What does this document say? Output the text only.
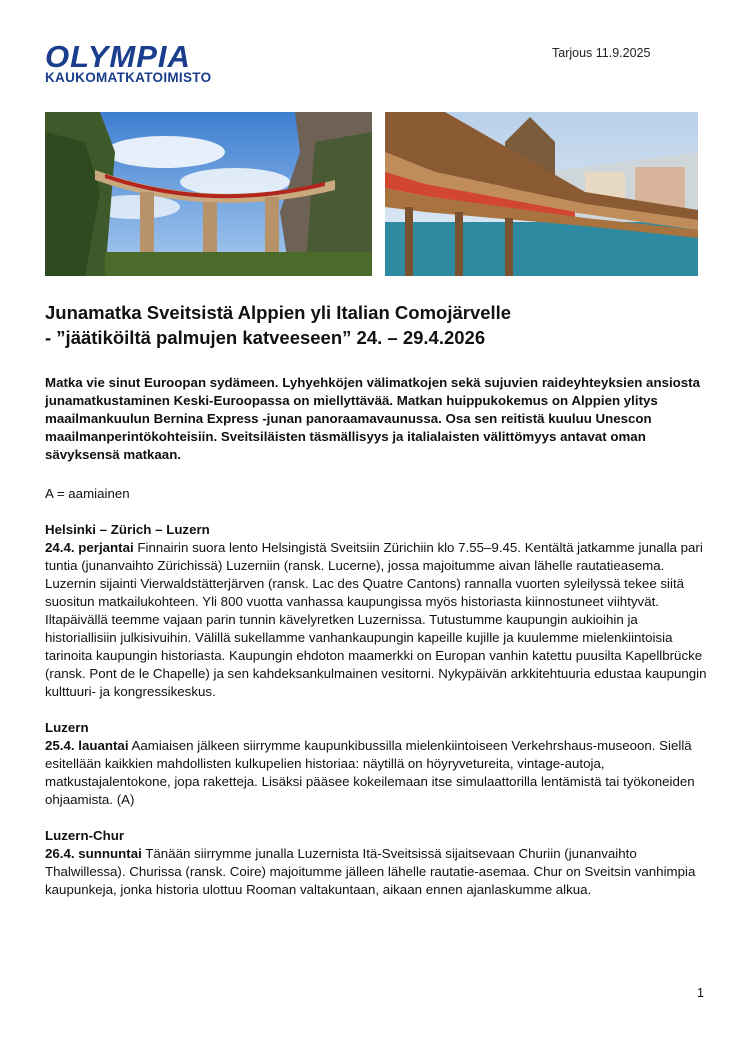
OLYMPIA
KAUKOMATKATOIMISTO
Tarjous 11.9.2025
Junamatka Sveitsistä Alppien yli Italian Comojärvelle
- ”jäätiköiltä palmujen katveeseen” 24. – 29.4.2026

Matka vie sinut Euroopan sydämeen. Lyhyehköjen välimatkojen sekä sujuvien raideyhteyksien ansiosta junamatkustaminen Keski-Euroopassa on miellyttävää. Matkan huippukokemus on Alppien ylitys maailmankuulun Bernina Express -junan panoraamavaunussa. Osa sen reitistä kuuluu Unescon maailmanperintökohteisiin. Sveitsiläisten täsmällisyys ja italialaisten välittömyys antavat oman sävyksensä matkaan.

A = aamiainen

Helsinki – Zürich – Luzern

24.4. perjantai Finnairin suora lento Helsingistä Sveitsiin Zürichiin klo 7.55–9.45. Kentältä jatkamme junalla pari tuntia (junanvaihto Zürichissä) Luzerniin (ransk. Lucerne), jossa majoitumme aivan lähelle rautatieasema.

Luzernin sijainti Vierwaldstätterjärven (ransk. Lac des Quatre Cantons) rannalla vuorten syleilyssä tekee siitä suositun matkailukohteen. Yli 800 vuotta vanhassa kaupungissa myös historiasta kiinnostuneet viihtyvät. Iltapäivällä teemme vajaan parin tunnin kävelyretken Luzernissa. Tutustumme kaupungin aukioihin ja historiallisiin julkisivuihin. Välillä sukellamme vanhankaupungin kapeille kujille ja kuulemme mielenkiintoisia tarinoita kaupungin historiasta. Kaupungin ehdoton maamerkki on Europan vanhin katettu puusilta Kapellbrücke (ransk. Pont de le Chapelle) ja sen kahdeksankulmainen vesitorni. Nykypäivän arkkitehtuuria edustaa kaupungin kulttuuri- ja kongressikeskus.

Luzern

25.4. lauantai Aamiaisen jälkeen siirrymme kaupunkibussilla mielenkiintoiseen Verkehrshaus-museoon. Siellä esitellään kaikkien mahdollisten kulkupelien historiaa: näytillä on höyryvetureita, vintage-autoja, matkustajalentokone, jopa raketteja. Lisäksi pääsee kokeilemaan itse simulaattorilla lentämistä tai työkoneiden ohjaamista. (A)

Luzern-Chur

26.4. sunnuntai Tänään siirrymme junalla Luzernista Itä-Sveitsissä sijaitsevaan Churiin (junanvaihto Thalwillessa). Churissa (ransk. Coire) majoitumme jälleen lähelle rautatie-asemaa. Chur on Sveitsin vanhimpia kaupunkeja, jonka historia ulottuu Rooman valtakuntaan, aikaan ennen ajanlaskumme alkua.

1
